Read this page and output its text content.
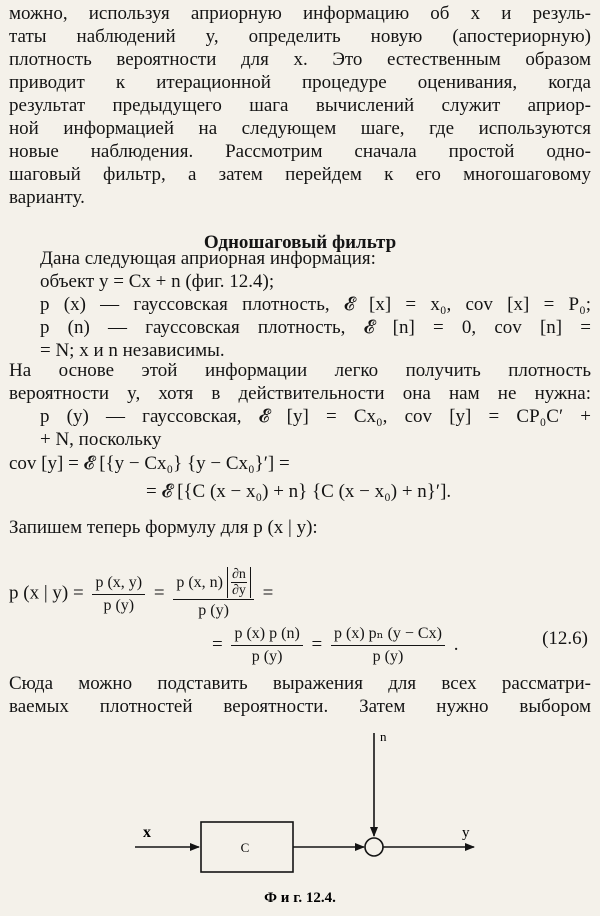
можно, используя априорную информацию об x и резуль-
таты наблюдений y, определить новую (апостериорную)
плотность вероятности для x. Это естественным образом
приводит к итерационной процедуре оценивания, когда
результат предыдущего шага вычислений служит априор-
ной информацией на следующем шаге, где используются
новые наблюдения. Рассмотрим сначала простой одно-
шаговый фильтр, а затем перейдем к его многошаговому
варианту.
Одношаговый фильтр
Дана следующая априорная информация:
объект y = Cx + n (фиг. 12.4);
p (x) — гауссовская плотность, 𝓔 [x] = x₀, cov [x] = P₀;
p (n) — гауссовская плотность, 𝓔 [n] = 0, cov [n] =
= N; x и n независимы.
На основе этой информации легко получить плотность
вероятности y, хотя в действительности она нам не нужна:
p (y) — гауссовская, 𝓔 [y] = Cx₀, cov [y] = CP₀C′ +
+ N, поскольку
cov [y] = 𝓔 [{y − Cx₀} {y − Cx₀}′] =
= 𝓔 [{C (x − x₀) + n} {C (x − x₀) + n}′].
Запишем теперь формулу для p (x | y):
p (x | $y) = \frac{p (x, y)}{p (y)}$ =
p (x, $n) \frac{\partial n}{\partial y}$
p (y)
=
= $\frac{p (x) p (n)}{p (y)} = \frac{\text{p (x) pₙ (y − Cx)}}{p (y)}$ .	(12.6)
Сюда можно подставить выражения для всех рассматри-
ваемых плотностей вероятности. Затем нужно выбором
x
C
n
y
Ф и г. 12.4.
